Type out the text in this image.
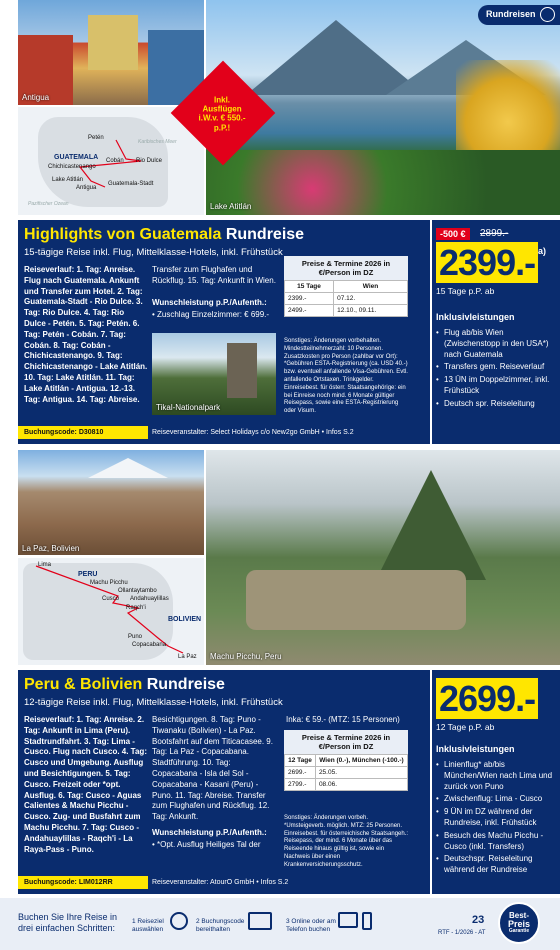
Antigua
Lake Atitlán
Rundreisen
Petén
Karibisches Meer
GUATEMALA Cobán Rio Dulce
Chichicastenango
Lake Atitlán
Guatemala-Stadt
Antigua
Pazifischer Ozean
Inkl. Ausflügen i.W.v. € 550.- p.P.!
Highlights von Guatemala Rundreise
15-tägige Reise inkl. Flug, Mittelklasse-Hotels, inkl. Frühstück
Reiseverlauf: 1. Tag: Anreise. Flug nach Guatemala. Ankunft und Transfer zum Hotel. 2. Tag: Guatemala-Stadt - Rio Dulce. 3. Tag: Rio Dulce. 4. Tag: Rio Dulce - Petén. 5. Tag: Petén. 6. Tag: Petén - Cobán. 7. Tag: Cobán. 8. Tag: Cobán - Chichicastenango. 9. Tag: Chichicastenango - Lake Atitlán. 10. Tag: Lake Atitlán. 11. Tag: Lake Atitlán - Antigua. 12.-13. Tag: Antigua. 14. Tag: Abreise.
Transfer zum Flughafen und Rückflug. 15. Tag: Ankunft in Wien.
Wunschleistung p.P./Aufenth.:
• Zuschlag Einzelzimmer: € 699.-
Tikal-Nationalpark
Preise & Termine 2026 in €/Person im DZ
15 Tage	Wien
2399.-	07.12.
2499.-	12.10., 09.11.
Sonstiges: Änderungen vorbehalten. Mindestteilnehmerzahl: 10 Personen. Zusatzkosten pro Person (zahlbar vor Ort): *Gebühren ESTA-Registrierung (ca. USD 40.-) bzw. eventuell anfallende Visa-Gebühren. Evtl. anfallende Ortstaxen. Trinkgelder. Einreisebest. für österr. Staatsangehörige: ein bei Einreise noch mind. 6 Monate gültiger Reisepass, sowie eine ESTA-Registrierung oder Visum.
Buchungscode: D30810	Reiseveranstalter: Select Holidays c/o New2go GmbH • Infos S.2
-500 €	2899.-
2399.- a)
15 Tage p.P. ab
Inklusivleistungen
• Flug ab/bis Wien (Zwischenstopp in den USA*) nach Guatemala
• Transfers gem. Reiseverlauf
• 13 ÜN im Doppelzimmer, inkl. Frühstück
• Deutsch spr. Reiseleitung
La Paz, Bolivien
Machu Picchu, Peru
Lima
PERU
Machu Picchu
Ollantaytambo
Cusco Andahuaylillas
Raqch'i
BOLIVIEN
Puno
Copacabana
La Paz
Peru & Bolivien Rundreise
12-tägige Reise inkl. Flug, Mittelklasse-Hotels, inkl. Frühstück
Reiseverlauf: 1. Tag: Anreise. 2. Tag: Ankunft in Lima (Peru). Stadtrundfahrt. 3. Tag: Lima - Cusco. Flug nach Cusco. 4. Tag: Cusco und Umgebung. Ausflug und Besichtigungen. 5. Tag: Cusco. Freizeit oder *opt. Ausflug. 6. Tag: Cusco - Aguas Calientes & Machu Picchu - Cusco. Zug- und Busfahrt zum Machu Picchu. 7. Tag: Cusco - Andahuaylillas - Raqch'i - La Raya-Pass - Puno.
Besichtigungen. 8. Tag: Puno - Tiwanaku (Bolivien) - La Paz. Bootsfahrt auf dem Titicacasee. 9. Tag: La Paz - Copacabana. Stadtführung. 10. Tag: Copacabana - Isla del Sol - Copacabana - Kasani (Peru) - Puno. 11. Tag: Abreise. Transfer zum Flughafen und Rückflug. 12. Tag: Ankunft.
Wunschleistung p.P./Aufenth.:
• *Opt. Ausflug Heiliges Tal der
Inka: € 59.- (MTZ: 15 Personen)
Preise & Termine 2026 in €/Person im DZ
12 Tage	Wien (0.-), München (-100.-)
2699.-	25.05.
2799.-	08.06.
Sonstiges: Änderungen vorbeh. *Umsteigeverb. möglich. MTZ: 25 Personen. Einreisebest. für österreichische Staatsangeh.: Reisepass, der mind. 6 Monate über das Reiseende hinaus gültig ist, sowie ein Nachweis über einen Krankenversicherungsschutz.
Buchungscode: LIM012RR	Reiseveranstalter: AtourO GmbH • Infos S.2
2699.-
12 Tage p.P. ab
Inklusivleistungen
• Linienflug* ab/bis München/Wien nach Lima und zurück von Puno
• Zwischenflug: Lima - Cusco
• 9 ÜN im DZ während der Rundreise, inkl. Frühstück
• Besuch des Machu Picchu - Cusco (inkl. Transfers)
• Deutschspr. Reiseleitung während der Rundreise
Buchen Sie Ihre Reise in drei einfachen Schritten:
1 Reiseziel auswählen
2 Buchungscode bereithalten
3 Online oder am Telefon buchen
23
RTF - 1/2026 - AT
Best-
Preis
Garantie
